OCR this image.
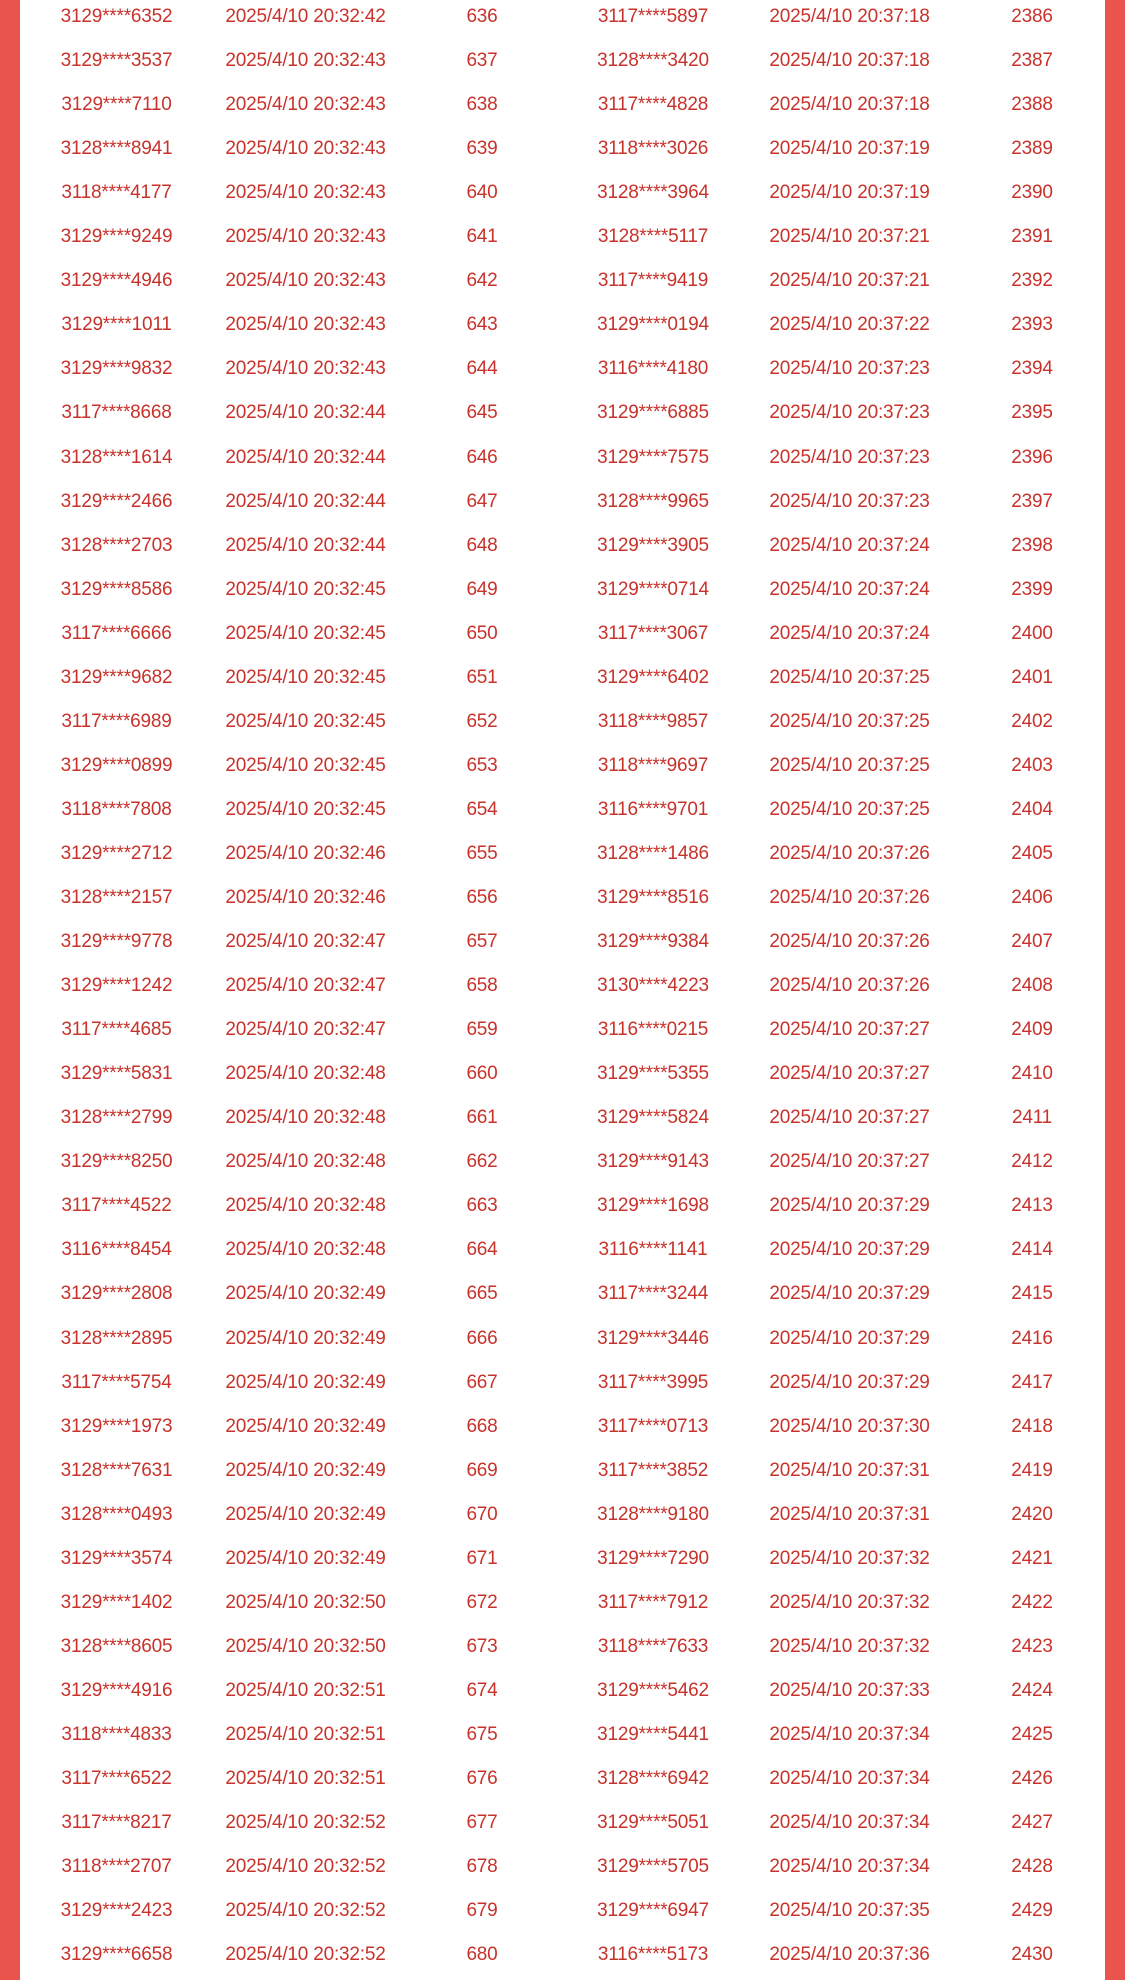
3129****6352	2025/4/10 20:32:42	636	3117****5897	2025/4/10 20:37:18	2386
3129****3537	2025/4/10 20:32:43	637	3128****3420	2025/4/10 20:37:18	2387
3129****7110	2025/4/10 20:32:43	638	3117****4828	2025/4/10 20:37:18	2388
3128****8941	2025/4/10 20:32:43	639	3118****3026	2025/4/10 20:37:19	2389
3118****4177	2025/4/10 20:32:43	640	3128****3964	2025/4/10 20:37:19	2390
3129****9249	2025/4/10 20:32:43	641	3128****5117	2025/4/10 20:37:21	2391
3129****4946	2025/4/10 20:32:43	642	3117****9419	2025/4/10 20:37:21	2392
3129****1011	2025/4/10 20:32:43	643	3129****0194	2025/4/10 20:37:22	2393
3129****9832	2025/4/10 20:32:43	644	3116****4180	2025/4/10 20:37:23	2394
3117****8668	2025/4/10 20:32:44	645	3129****6885	2025/4/10 20:37:23	2395
3128****1614	2025/4/10 20:32:44	646	3129****7575	2025/4/10 20:37:23	2396
3129****2466	2025/4/10 20:32:44	647	3128****9965	2025/4/10 20:37:23	2397
3128****2703	2025/4/10 20:32:44	648	3129****3905	2025/4/10 20:37:24	2398
3129****8586	2025/4/10 20:32:45	649	3129****0714	2025/4/10 20:37:24	2399
3117****6666	2025/4/10 20:32:45	650	3117****3067	2025/4/10 20:37:24	2400
3129****9682	2025/4/10 20:32:45	651	3129****6402	2025/4/10 20:37:25	2401
3117****6989	2025/4/10 20:32:45	652	3118****9857	2025/4/10 20:37:25	2402
3129****0899	2025/4/10 20:32:45	653	3118****9697	2025/4/10 20:37:25	2403
3118****7808	2025/4/10 20:32:45	654	3116****9701	2025/4/10 20:37:25	2404
3129****2712	2025/4/10 20:32:46	655	3128****1486	2025/4/10 20:37:26	2405
3128****2157	2025/4/10 20:32:46	656	3129****8516	2025/4/10 20:37:26	2406
3129****9778	2025/4/10 20:32:47	657	3129****9384	2025/4/10 20:37:26	2407
3129****1242	2025/4/10 20:32:47	658	3130****4223	2025/4/10 20:37:26	2408
3117****4685	2025/4/10 20:32:47	659	3116****0215	2025/4/10 20:37:27	2409
3129****5831	2025/4/10 20:32:48	660	3129****5355	2025/4/10 20:37:27	2410
3128****2799	2025/4/10 20:32:48	661	3129****5824	2025/4/10 20:37:27	2411
3129****8250	2025/4/10 20:32:48	662	3129****9143	2025/4/10 20:37:27	2412
3117****4522	2025/4/10 20:32:48	663	3129****1698	2025/4/10 20:37:29	2413
3116****8454	2025/4/10 20:32:48	664	3116****1141	2025/4/10 20:37:29	2414
3129****2808	2025/4/10 20:32:49	665	3117****3244	2025/4/10 20:37:29	2415
3128****2895	2025/4/10 20:32:49	666	3129****3446	2025/4/10 20:37:29	2416
3117****5754	2025/4/10 20:32:49	667	3117****3995	2025/4/10 20:37:29	2417
3129****1973	2025/4/10 20:32:49	668	3117****0713	2025/4/10 20:37:30	2418
3128****7631	2025/4/10 20:32:49	669	3117****3852	2025/4/10 20:37:31	2419
3128****0493	2025/4/10 20:32:49	670	3128****9180	2025/4/10 20:37:31	2420
3129****3574	2025/4/10 20:32:49	671	3129****7290	2025/4/10 20:37:32	2421
3129****1402	2025/4/10 20:32:50	672	3117****7912	2025/4/10 20:37:32	2422
3128****8605	2025/4/10 20:32:50	673	3118****7633	2025/4/10 20:37:32	2423
3129****4916	2025/4/10 20:32:51	674	3129****5462	2025/4/10 20:37:33	2424
3118****4833	2025/4/10 20:32:51	675	3129****5441	2025/4/10 20:37:34	2425
3117****6522	2025/4/10 20:32:51	676	3128****6942	2025/4/10 20:37:34	2426
3117****8217	2025/4/10 20:32:52	677	3129****5051	2025/4/10 20:37:34	2427
3118****2707	2025/4/10 20:32:52	678	3129****5705	2025/4/10 20:37:34	2428
3129****2423	2025/4/10 20:32:52	679	3129****6947	2025/4/10 20:37:35	2429
3129****6658	2025/4/10 20:32:52	680	3116****5173	2025/4/10 20:37:36	2430
